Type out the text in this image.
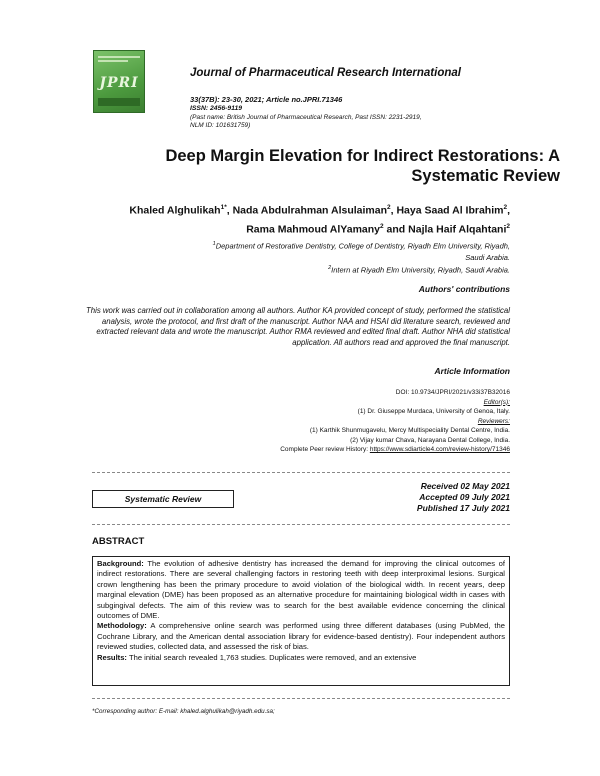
JPRI
Journal of Pharmaceutical Research International
33(37B): 23-30, 2021; Article no.JPRI.71346
ISSN: 2456-9119
(Past name: British Journal of Pharmaceutical Research, Past ISSN: 2231-2919,
NLM ID: 101631759)
Deep Margin Elevation for Indirect Restorations: A
Systematic Review
Khaled Alghulikah$^{1*}$, Nada Abdulrahman Alsulaiman$^2$, Haya Saad Al Ibrahim$^2$,
Rama Mahmoud AlYamany$^2$ and Najla Haif Alqahtani$^2$
$^1$Department of Restorative Dentistry, College of Dentistry, Riyadh Elm University, Riyadh,
Saudi Arabia.
$^2$Intern at Riyadh Elm University, Riyadh, Saudi Arabia.
Authors' contributions
This work was carried out in collaboration among all authors. Author KA provided concept of study, performed the statistical analysis, wrote the protocol, and first draft of the manuscript. Author NAA and HSAI did literature search, reviewed and extracted relevant data and wrote the manuscript. Author RMA reviewed and edited final draft. Author NHA did statistical application. All authors read and approved the final manuscript.
Article Information
DOI: 10.9734/JPRI/2021/v33i37B32016
Editor(s):
(1) Dr. Giuseppe Murdaca, University of Genoa, Italy.
Reviewers:
(1) Karthik Shunmugavelu, Mercy Multispeciality Dental Centre, India.
(2) Vijay kumar Chava, Narayana Dental College, India.
Complete Peer review History: https://www.sdiarticle4.com/review-history/71346
Systematic Review
Received 02 May 2021
Accepted 09 July 2021
Published 17 July 2021
ABSTRACT

Background: The evolution of adhesive dentistry has increased the demand for improving the clinical outcomes of indirect restorations. There are several challenging factors in restoring teeth with deep interproximal lesions. Surgical crown lengthening has been the primary procedure to avoid violation of the biological width. In recent years, deep marginal elevation (DME) has been proposed as an alternative procedure for maintaining biological width in cases with subgingival defects. The aim of this review was to search for the best available evidence concerning the clinical outcomes of DME.

Methodology: A comprehensive online search was performed using three different databases (using PubMed, the Cochrane Library, and the American dental association library for evidence-based dentistry). Four independent authors reviewed studies, collected data, and assessed the risk of bias.

Results: The initial search revealed 1,763 studies. Duplicates were removed, and an extensive

*Corresponding author: E-mail: khaled.alghulikah@riyadh.edu.sa;
